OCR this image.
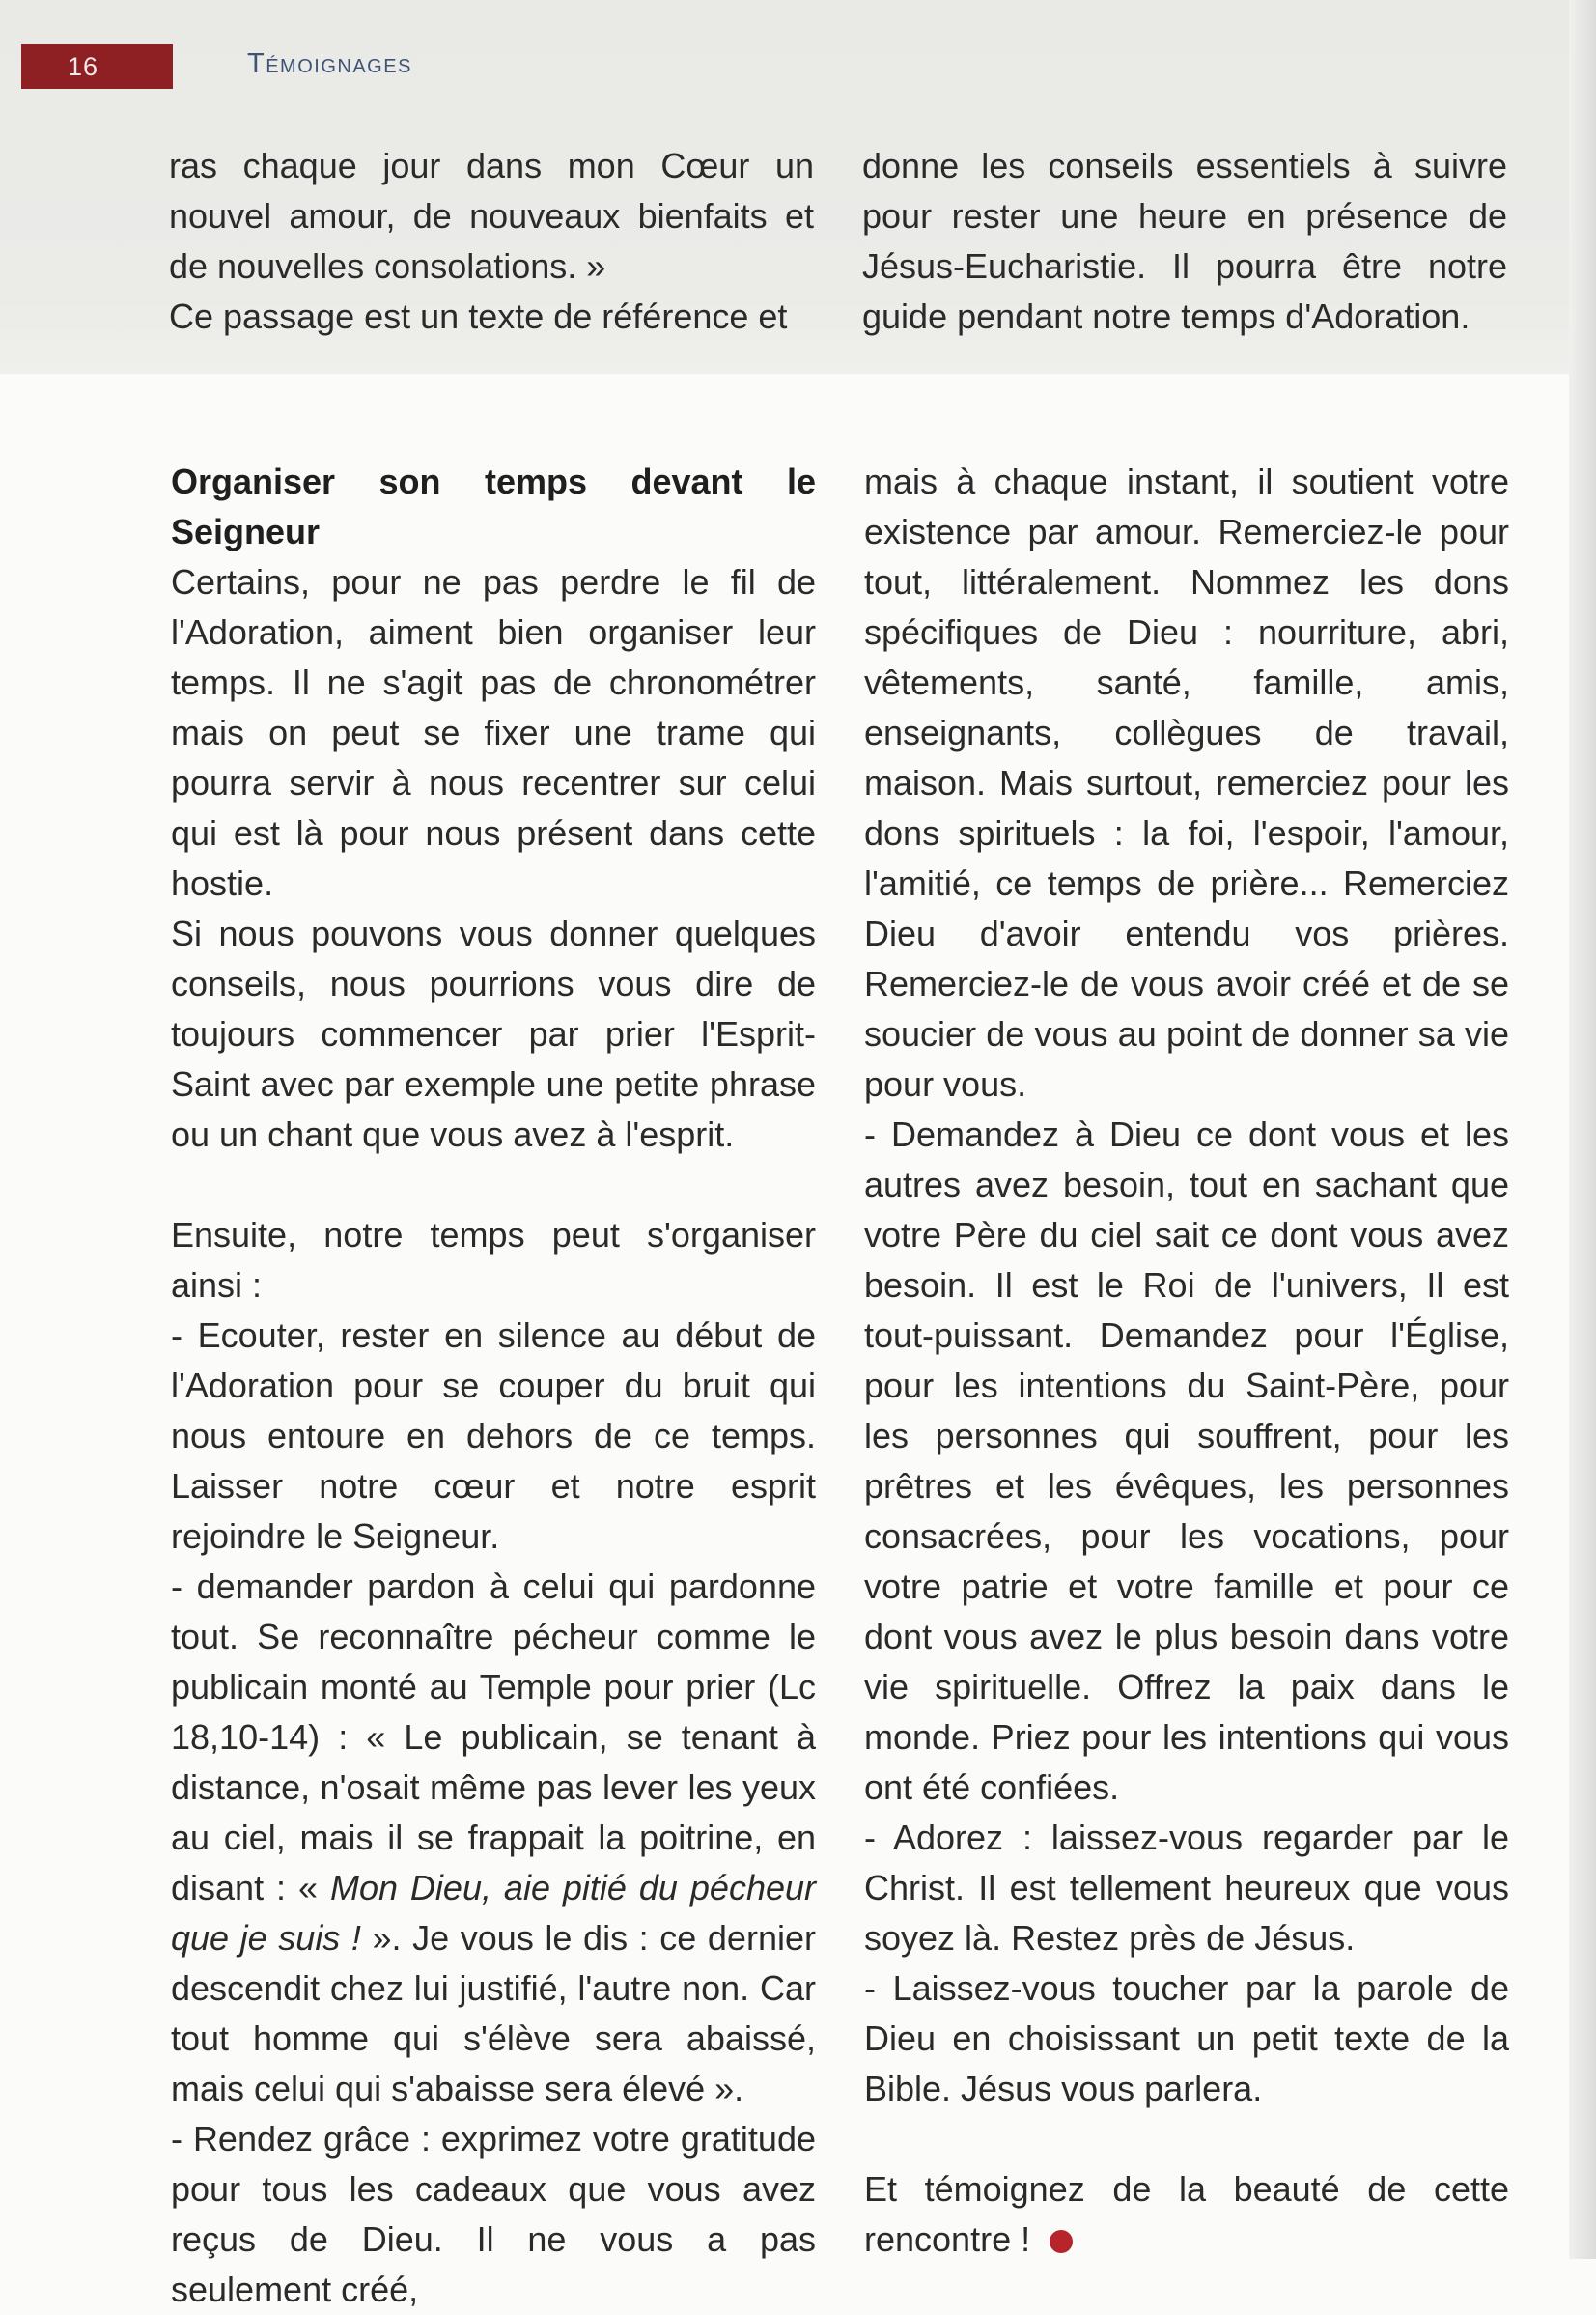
16	Témoignages

ras chaque jour dans mon Cœur un nouvel amour, de nouveaux bienfaits et de nouvelles consolations. »

Ce passage est un texte de référence et

donne les conseils essentiels à suivre pour rester une heure en présence de Jésus-Eucharistie. Il pourra être notre guide pendant notre temps d'Adoration.

Organiser son temps devant le Seigneur

Certains, pour ne pas perdre le fil de l'Adoration, aiment bien organiser leur temps. Il ne s'agit pas de chronométrer mais on peut se fixer une trame qui pourra servir à nous recentrer sur celui qui est là pour nous présent dans cette hostie.

Si nous pouvons vous donner quelques conseils, nous pourrions vous dire de toujours commencer par prier l'Esprit-Saint avec par exemple une petite phrase ou un chant que vous avez à l'esprit.

Ensuite, notre temps peut s'organiser ainsi :

- Ecouter, rester en silence au début de l'Adoration pour se couper du bruit qui nous entoure en dehors de ce temps. Laisser notre cœur et notre esprit rejoindre le Seigneur.

- demander pardon à celui qui pardonne tout. Se reconnaître pécheur comme le publicain monté au Temple pour prier (Lc 18,10-14) : « Le publicain, se tenant à distance, n'osait même pas lever les yeux au ciel, mais il se frappait la poitrine, en disant : « Mon Dieu, aie pitié du pécheur que je suis ! ». Je vous le dis : ce dernier descendit chez lui justifié, l'autre non. Car tout homme qui s'élève sera abaissé, mais celui qui s'abaisse sera élevé ».

- Rendez grâce : exprimez votre gratitude pour tous les cadeaux que vous avez reçus de Dieu. Il ne vous a pas seulement créé,

mais à chaque instant, il soutient votre existence par amour. Remerciez-le pour tout, littéralement. Nommez les dons spécifiques de Dieu : nourriture, abri, vêtements, santé, famille, amis, enseignants, collègues de travail, maison. Mais surtout, remerciez pour les dons spirituels : la foi, l'espoir, l'amour, l'amitié, ce temps de prière... Remerciez Dieu d'avoir entendu vos prières. Remerciez-le de vous avoir créé et de se soucier de vous au point de donner sa vie pour vous.

- Demandez à Dieu ce dont vous et les autres avez besoin, tout en sachant que votre Père du ciel sait ce dont vous avez besoin. Il est le Roi de l'univers, Il est tout-puissant. Demandez pour l'Église, pour les intentions du Saint-Père, pour les personnes qui souffrent, pour les prêtres et les évêques, les personnes consacrées, pour les vocations, pour votre patrie et votre famille et pour ce dont vous avez le plus besoin dans votre vie spirituelle. Offrez la paix dans le monde. Priez pour les intentions qui vous ont été confiées.

- Adorez : laissez-vous regarder par le Christ. Il est tellement heureux que vous soyez là. Restez près de Jésus.

- Laissez-vous toucher par la parole de Dieu en choisissant un petit texte de la Bible. Jésus vous parlera.

Et témoignez de la beauté de cette rencontre !
